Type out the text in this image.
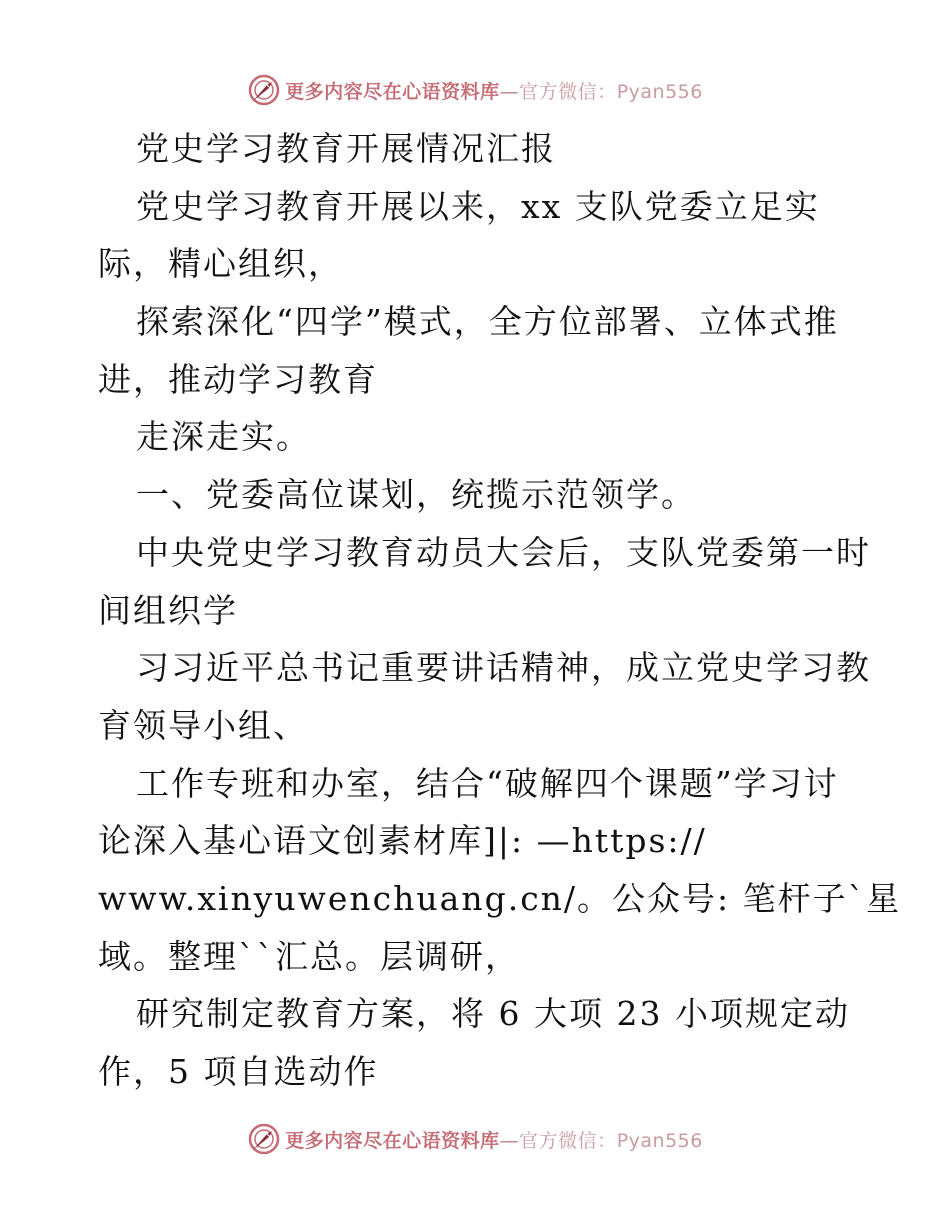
更多内容尽在心语资料库—官方微信：Pyan556
党史学习教育开展情况汇报
党史学习教育开展以来，xx 支队党委立足实
际，精心组织，
探索深化“四学”模式，全方位部署、立体式推
进，推动学习教育
走深走实。
一、党委高位谋划，统揽示范领学。
中央党史学习教育动员大会后，支队党委第一时
间组织学
习习近平总书记重要讲话精神，成立党史学习教
育领导小组、
工作专班和办室，结合“破解四个课题”学习讨
论深入基心语文创素材库]|: —https://
www.xinyuwenchuang.cn/。公众号: 笔杆子`星
域。整理``汇总。层调研，
研究制定教育方案，将 6 大项 23 小项规定动
作，5 项自选动作
更多内容尽在心语资料库—官方微信：Pyan556
